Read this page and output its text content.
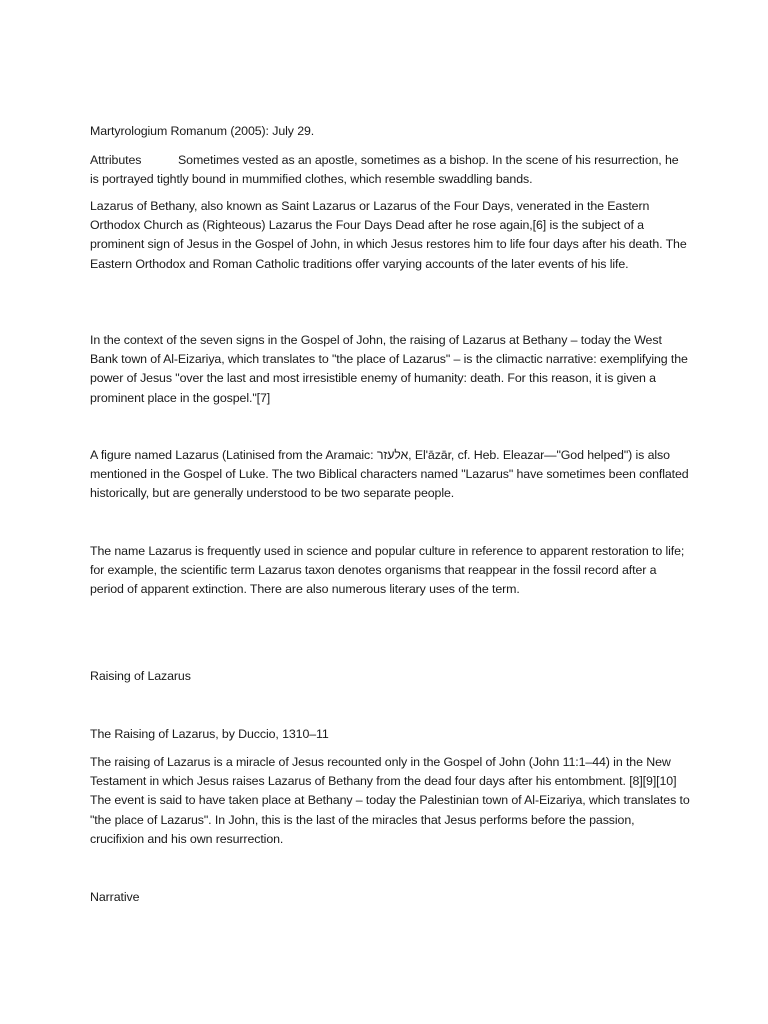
Martyrologium Romanum (2005): July 29.

Attributes	Sometimes vested as an apostle, sometimes as a bishop. In the scene of his resurrection, he is portrayed tightly bound in mummified clothes, which resemble swaddling bands.

Lazarus of Bethany, also known as Saint Lazarus or Lazarus of the Four Days, venerated in the Eastern Orthodox Church as (Righteous) Lazarus the Four Days Dead after he rose again,[6] is the subject of a prominent sign of Jesus in the Gospel of John, in which Jesus restores him to life four days after his death. The Eastern Orthodox and Roman Catholic traditions offer varying accounts of the later events of his life.

In the context of the seven signs in the Gospel of John, the raising of Lazarus at Bethany – today the West Bank town of Al-Eizariya, which translates to "the place of Lazarus" – is the climactic narrative: exemplifying the power of Jesus "over the last and most irresistible enemy of humanity: death. For this reason, it is given a prominent place in the gospel."[7]

A figure named Lazarus (Latinised from the Aramaic: אלעזר, El'āzār, cf. Heb. Eleazar—"God helped") is also mentioned in the Gospel of Luke. The two Biblical characters named "Lazarus" have sometimes been conflated historically, but are generally understood to be two separate people.

The name Lazarus is frequently used in science and popular culture in reference to apparent restoration to life; for example, the scientific term Lazarus taxon denotes organisms that reappear in the fossil record after a period of apparent extinction. There are also numerous literary uses of the term.

Raising of Lazarus

The Raising of Lazarus, by Duccio, 1310–11

The raising of Lazarus is a miracle of Jesus recounted only in the Gospel of John (John 11:1–44) in the New Testament in which Jesus raises Lazarus of Bethany from the dead four days after his entombment. [8][9][10] The event is said to have taken place at Bethany – today the Palestinian town of Al-Eizariya, which translates to "the place of Lazarus". In John, this is the last of the miracles that Jesus performs before the passion, crucifixion and his own resurrection.

Narrative
